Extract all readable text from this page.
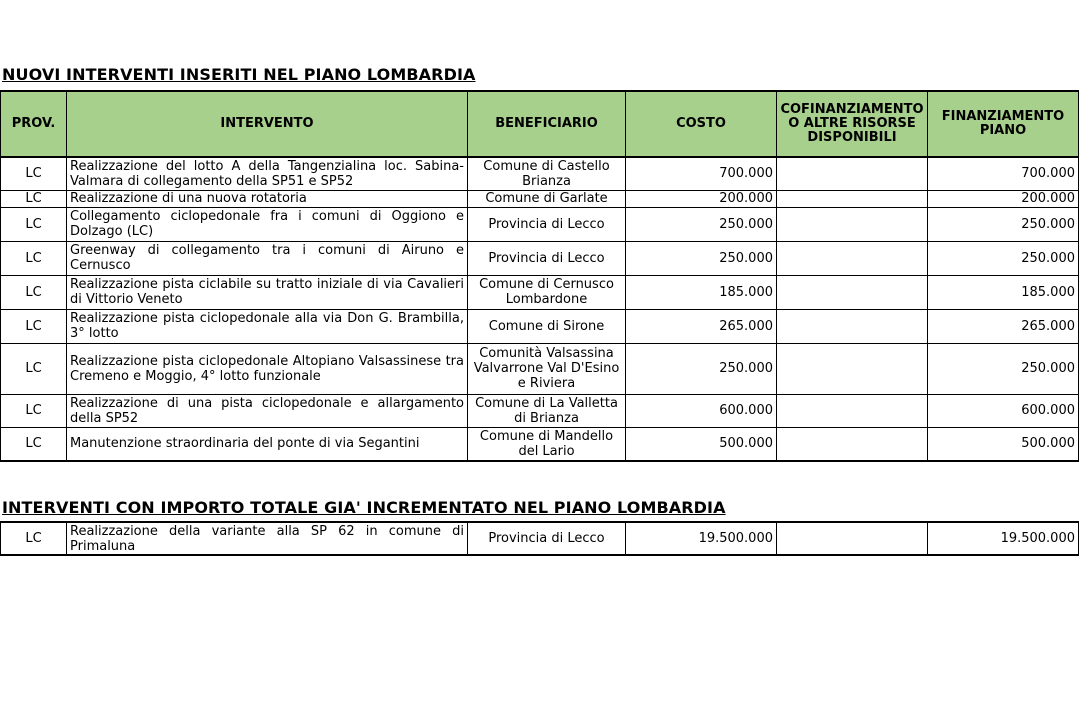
NUOVI INTERVENTI INSERITI NEL PIANO LOMBARDIA
PROV.	INTERVENTO	BENEFICIARIO	COSTO	COFINANZIAMENTO O ALTRE RISORSE DISPONIBILI	FINANZIAMENTO PIANO
LC	Realizzazione del lotto A della Tangenzialina loc. Sabina-Valmara di collegamento della SP51 e SP52	Comune di Castello Brianza	700.000		700.000
LC	Realizzazione di una nuova rotatoria	Comune di Garlate	200.000		200.000
LC	Collegamento ciclopedonale fra i comuni di Oggiono e Dolzago (LC)	Provincia di Lecco	250.000		250.000
LC	Greenway di collegamento tra i comuni di Airuno e Cernusco	Provincia di Lecco	250.000		250.000
LC	Realizzazione pista ciclabile su tratto iniziale di via Cavalieri di Vittorio Veneto	Comune di Cernusco Lombardone	185.000		185.000
LC	Realizzazione pista ciclopedonale alla via Don G. Brambilla, 3° lotto	Comune di Sirone	265.000		265.000
LC	Realizzazione pista ciclopedonale Altopiano Valsassinese tra Cremeno e Moggio, 4° lotto funzionale	Comunità Valsassina Valvarrone Val D'Esino e Riviera	250.000		250.000
LC	Realizzazione di una pista ciclopedonale e allargamento della SP52	Comune di La Valletta di Brianza	600.000		600.000
LC	Manutenzione straordinaria del ponte di via Segantini	Comune di Mandello del Lario	500.000		500.000
INTERVENTI CON IMPORTO TOTALE GIA' INCREMENTATO NEL PIANO LOMBARDIA
LC	Realizzazione della variante alla SP 62 in comune di Primaluna	Provincia di Lecco	19.500.000		19.500.000
